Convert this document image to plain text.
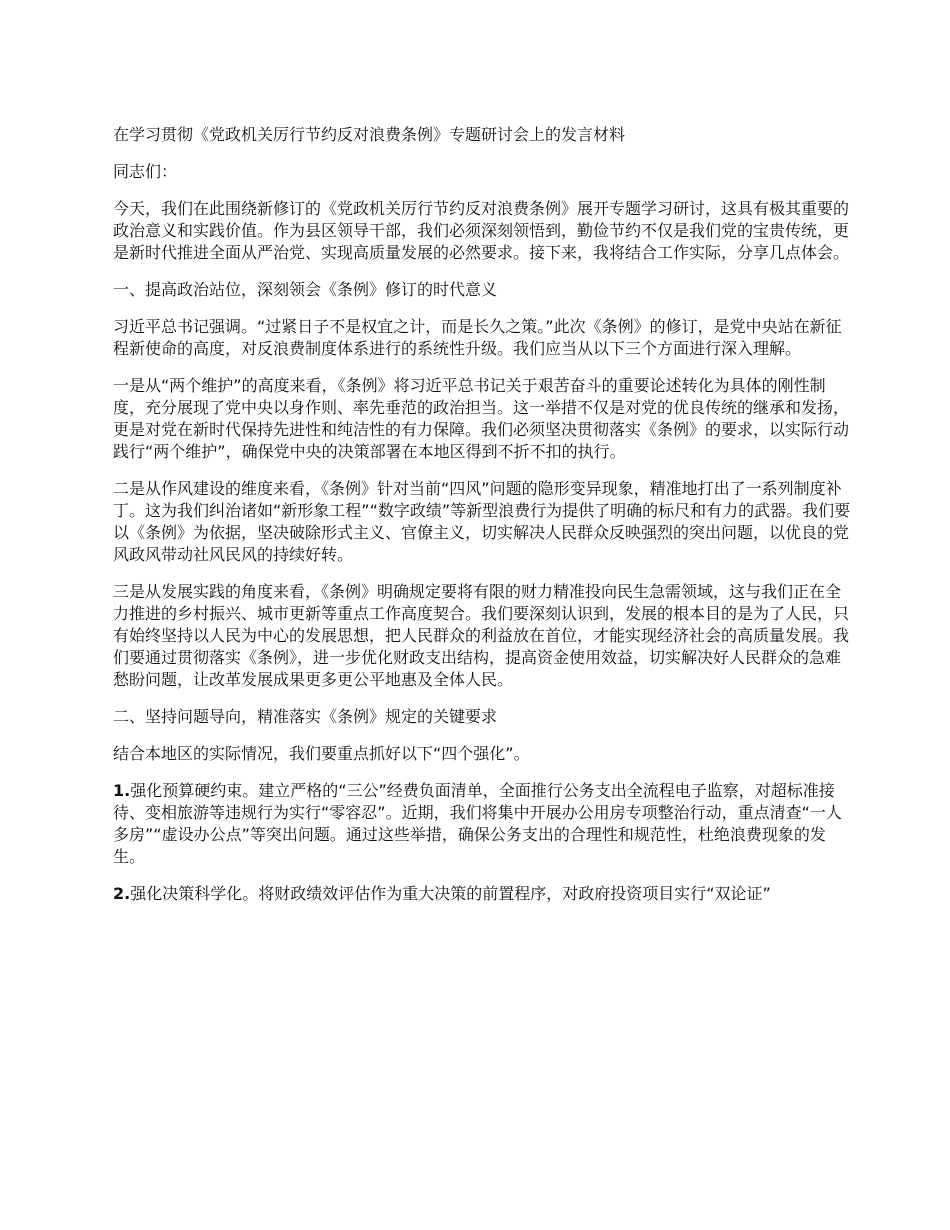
在学习贯彻《党政机关厉行节约反对浪费条例》专题研讨会上的发言材料

同志们：

今天，我们在此围绕新修订的《党政机关厉行节约反对浪费条例》展开专题学习研讨，这具有极其重要的政治意义和实践价值。作为县区领导干部，我们必须深刻领悟到，勤俭节约不仅是我们党的宝贵传统，更是新时代推进全面从严治党、实现高质量发展的必然要求。接下来，我将结合工作实际，分享几点体会。

一、提高政治站位，深刻领会《条例》修订的时代意义

习近平总书记强调。“过紧日子不是权宜之计，而是长久之策。”此次《条例》的修订，是党中央站在新征程新使命的高度，对反浪费制度体系进行的系统性升级。我们应当从以下三个方面进行深入理解。

一是从“两个维护”的高度来看，《条例》将习近平总书记关于艰苦奋斗的重要论述转化为具体的刚性制度，充分展现了党中央以身作则、率先垂范的政治担当。这一举措不仅是对党的优良传统的继承和发扬，更是对党在新时代保持先进性和纯洁性的有力保障。我们必须坚决贯彻落实《条例》的要求，以实际行动践行“两个维护”，确保党中央的决策部署在本地区得到不折不扣的执行。

二是从作风建设的维度来看，《条例》针对当前“四风”问题的隐形变异现象，精准地打出了一系列制度补丁。这为我们纠治诸如“新形象工程”“数字政绩”等新型浪费行为提供了明确的标尺和有力的武器。我们要以《条例》为依据，坚决破除形式主义、官僚主义，切实解决人民群众反映强烈的突出问题，以优良的党风政风带动社风民风的持续好转。

三是从发展实践的角度来看，《条例》明确规定要将有限的财力精准投向民生急需领域，这与我们正在全力推进的乡村振兴、城市更新等重点工作高度契合。我们要深刻认识到，发展的根本目的是为了人民，只有始终坚持以人民为中心的发展思想，把人民群众的利益放在首位，才能实现经济社会的高质量发展。我们要通过贯彻落实《条例》，进一步优化财政支出结构，提高资金使用效益，切实解决好人民群众的急难愁盼问题，让改革发展成果更多更公平地惠及全体人民。

二、坚持问题导向，精准落实《条例》规定的关键要求

结合本地区的实际情况，我们要重点抓好以下“四个强化”。

1.强化预算硬约束。建立严格的“三公”经费负面清单，全面推行公务支出全流程电子监察，对超标准接待、变相旅游等违规行为实行“零容忍”。近期，我们将集中开展办公用房专项整治行动，重点清查“一人多房”“虚设办公点”等突出问题。通过这些举措，确保公务支出的合理性和规范性，杜绝浪费现象的发生。

2.强化决策科学化。将财政绩效评估作为重大决策的前置程序，对政府投资项目实行“双论证”
